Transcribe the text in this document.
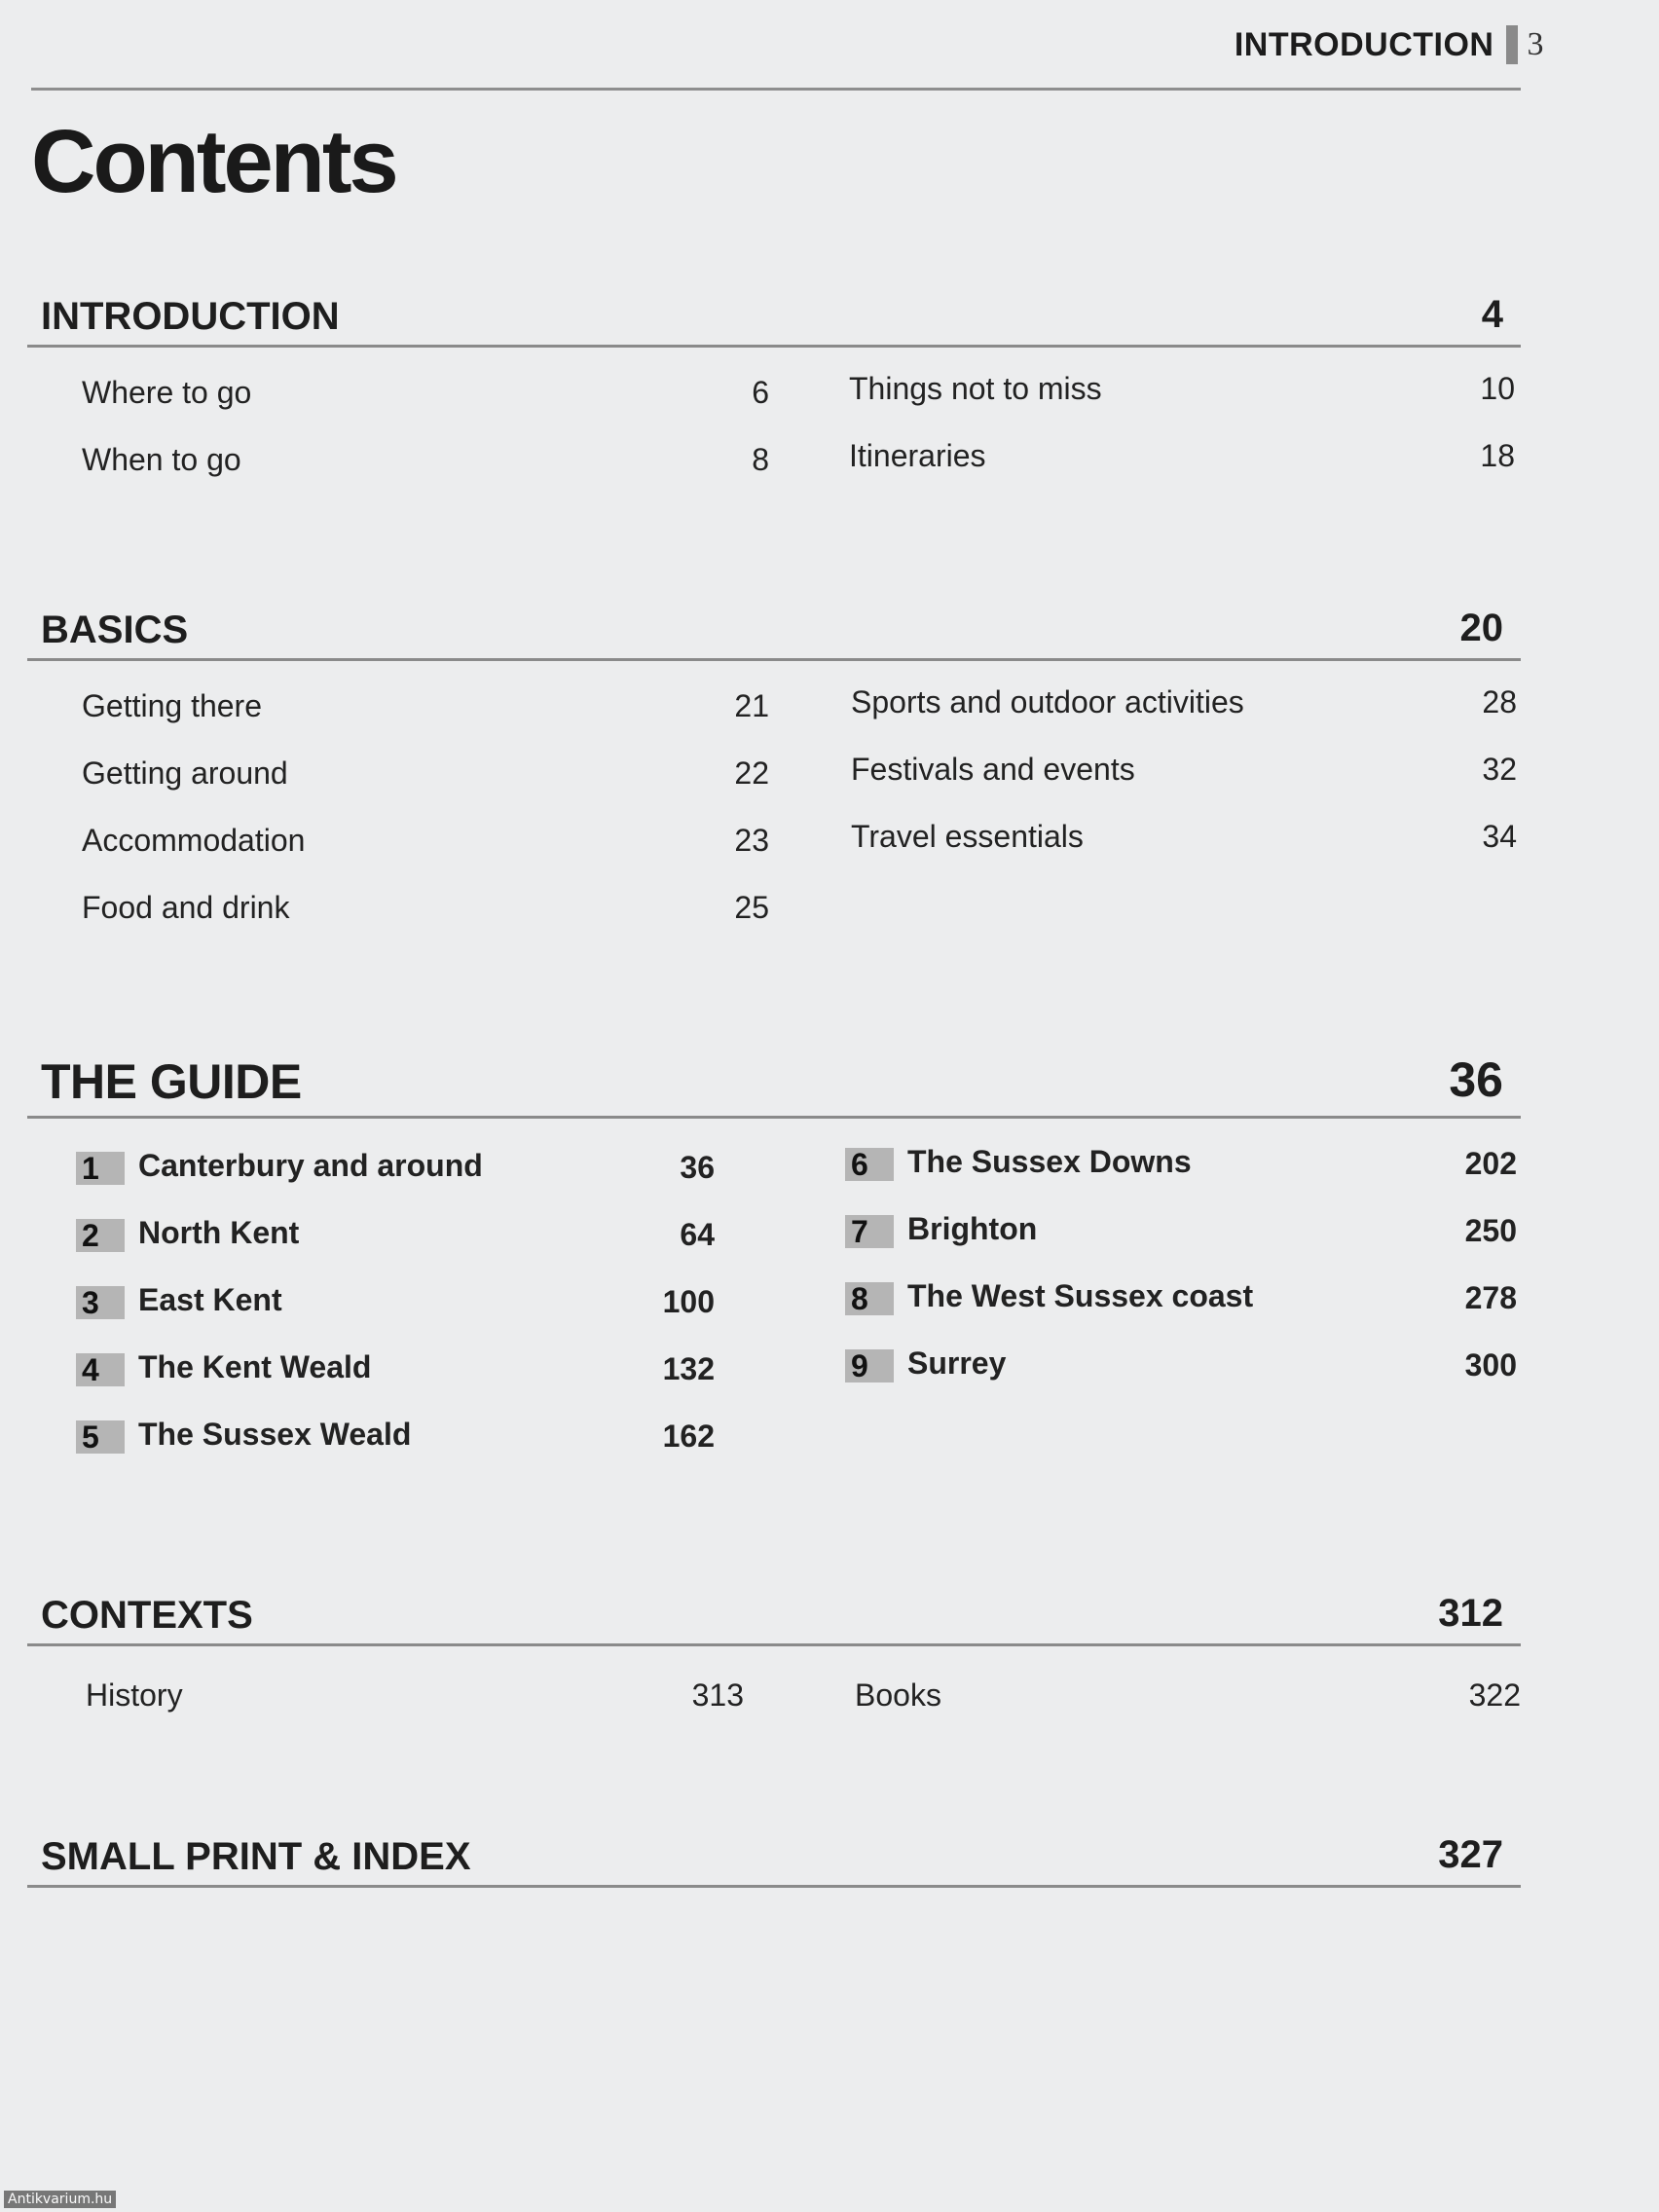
INTRODUCTION 3
Contents
INTRODUCTION	4
Where to go	6
When to go	8
Things not to miss	10
Itineraries	18
BASICS	20
Getting there	21
Getting around	22
Accommodation	23
Food and drink	25
Sports and outdoor activities	28
Festivals and events	32
Travel essentials	34
THE GUIDE	36
1 Canterbury and around	36
2 North Kent	64
3 East Kent	100
4 The Kent Weald	132
5 The Sussex Weald	162
6 The Sussex Downs	202
7 Brighton	250
8 The West Sussex coast	278
9 Surrey	300
CONTEXTS	312
History	313	Books	322
SMALL PRINT & INDEX	327
Antikvarium.hu
